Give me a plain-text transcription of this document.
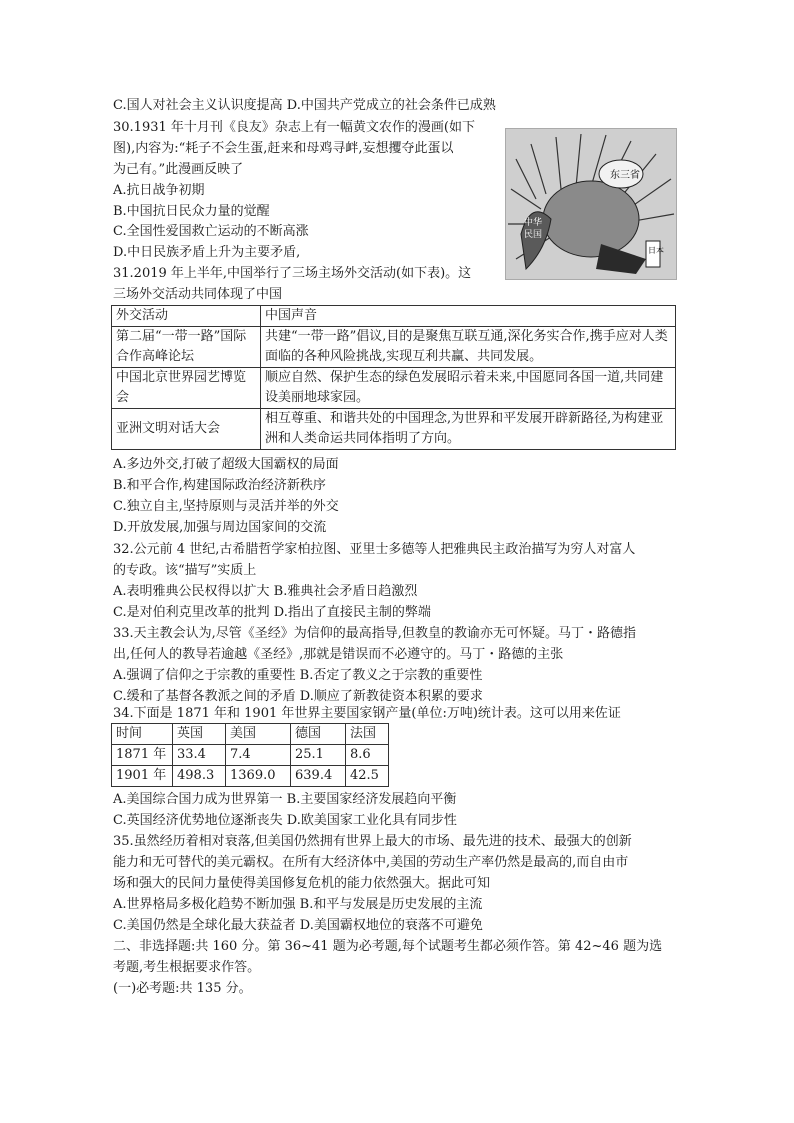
C.国人对社会主义认识度提高 D.中国共产党成立的社会条件已成熟
30.1931 年十月刊《良友》杂志上有一幅黄文农作的漫画(如下
图),内容为:“耗子不会生蛋,赶来和母鸡寻衅,妄想攫夺此蛋以
为己有。”此漫画反映了
A.抗日战争初期
B.中国抗日民众力量的觉醒
C.全国性爱国救亡运动的不断高涨
D.中日民族矛盾上升为主要矛盾,
31.2019 年上半年,中国举行了三场主场外交活动(如下表)。这
三场外交活动共同体现了中国
东三省
中华
民国
日本
外交活动	中国声音
第二届“一带一路”国际合作高峰论坛	共建“一带一路”倡议,目的是聚焦互联互通,深化务实合作,携手应对人类面临的各种风险挑战,实现互利共赢、共同发展。
中国北京世界园艺博览会	顺应自然、保护生态的绿色发展昭示着未来,中国愿同各国一道,共同建设美丽地球家园。
亚洲文明对话大会	相互尊重、和谐共处的中国理念,为世界和平发展开辟新路径,为构建亚洲和人类命运共同体指明了方向。
A.多边外交,打破了超级大国霸权的局面
B.和平合作,构建国际政治经济新秩序
C.独立自主,坚持原则与灵活并举的外交
D.开放发展,加强与周边国家间的交流
32.公元前 4 世纪,古希腊哲学家柏拉图、亚里士多德等人把雅典民主政治描写为穷人对富人
的专政。该“描写”实质上
A.表明雅典公民权得以扩大 B.雅典社会矛盾日趋激烈
C.是对伯利克里改革的批判 D.指出了直接民主制的弊端
33.天主教会认为,尽管《圣经》为信仰的最高指导,但教皇的教谕亦无可怀疑。马丁・路德指
出,任何人的教导若逾越《圣经》,那就是错误而不必遵守的。马丁・路德的主张
A.强调了信仰之于宗教的重要性 B.否定了教义之于宗教的重要性
C.缓和了基督各教派之间的矛盾 D.顺应了新教徒资本积累的要求
34.下面是 1871 年和 1901 年世界主要国家钢产量(单位:万吨)统计表。这可以用来佐证
时间	英国	美国	德国	法国
1871 年	33.4	7.4	25.1	8.6
1901 年	498.3	1369.0	639.4	42.5
A.美国综合国力成为世界第一 B.主要国家经济发展趋向平衡
C.英国经济优势地位逐渐丧失 D.欧美国家工业化具有同步性
35.虽然经历着相对衰落,但美国仍然拥有世界上最大的市场、最先进的技术、最强大的创新
能力和无可替代的美元霸权。在所有大经济体中,美国的劳动生产率仍然是最高的,而自由市
场和强大的民间力量使得美国修复危机的能力依然强大。据此可知
A.世界格局多极化趋势不断加强 B.和平与发展是历史发展的主流
C.美国仍然是全球化最大获益者 D.美国霸权地位的衰落不可避免
二、非选择题:共 160 分。第 36~41 题为必考题,每个试题考生都必须作答。第 42~46 题为选
考题,考生根据要求作答。
(一)必考题:共 135 分。
